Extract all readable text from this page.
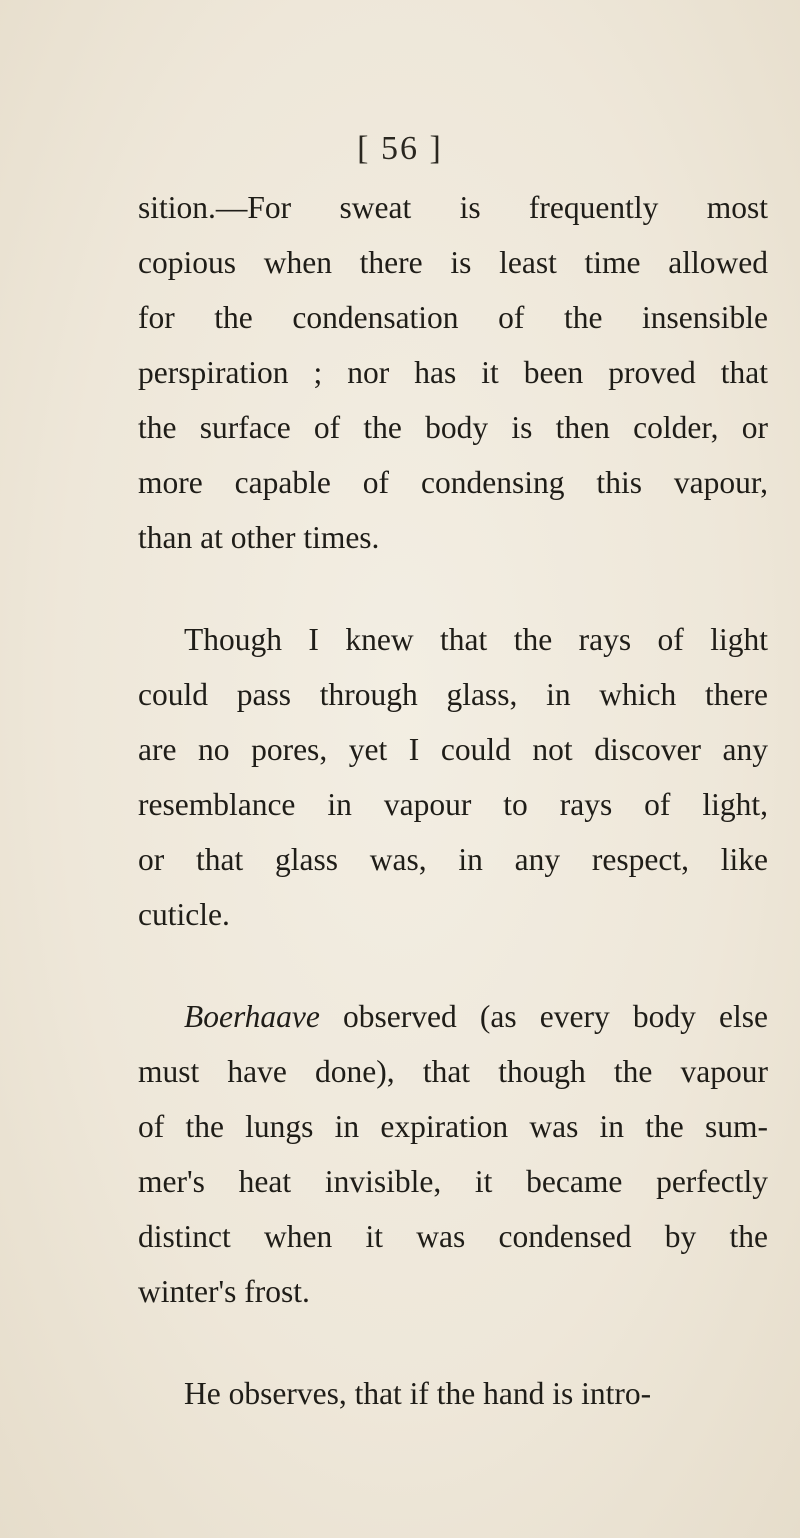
[ 56 ]
sition.—For sweat is frequently most
copious when there is least time allowed
for the condensation of the insensible
perspiration ; nor has it been proved that
the surface of the body is then colder, or
more capable of condensing this vapour,
than at other times.
Though I knew that the rays of light
could pass through glass, in which there
are no pores, yet I could not discover any
resemblance in vapour to rays of light,
or that glass was, in any respect, like
cuticle.
Boerhaave observed (as every body else
must have done), that though the vapour
of the lungs in expiration was in the sum-
mer's heat invisible, it became perfectly
distinct when it was condensed by the
winter's frost.
He observes, that if the hand is intro-
